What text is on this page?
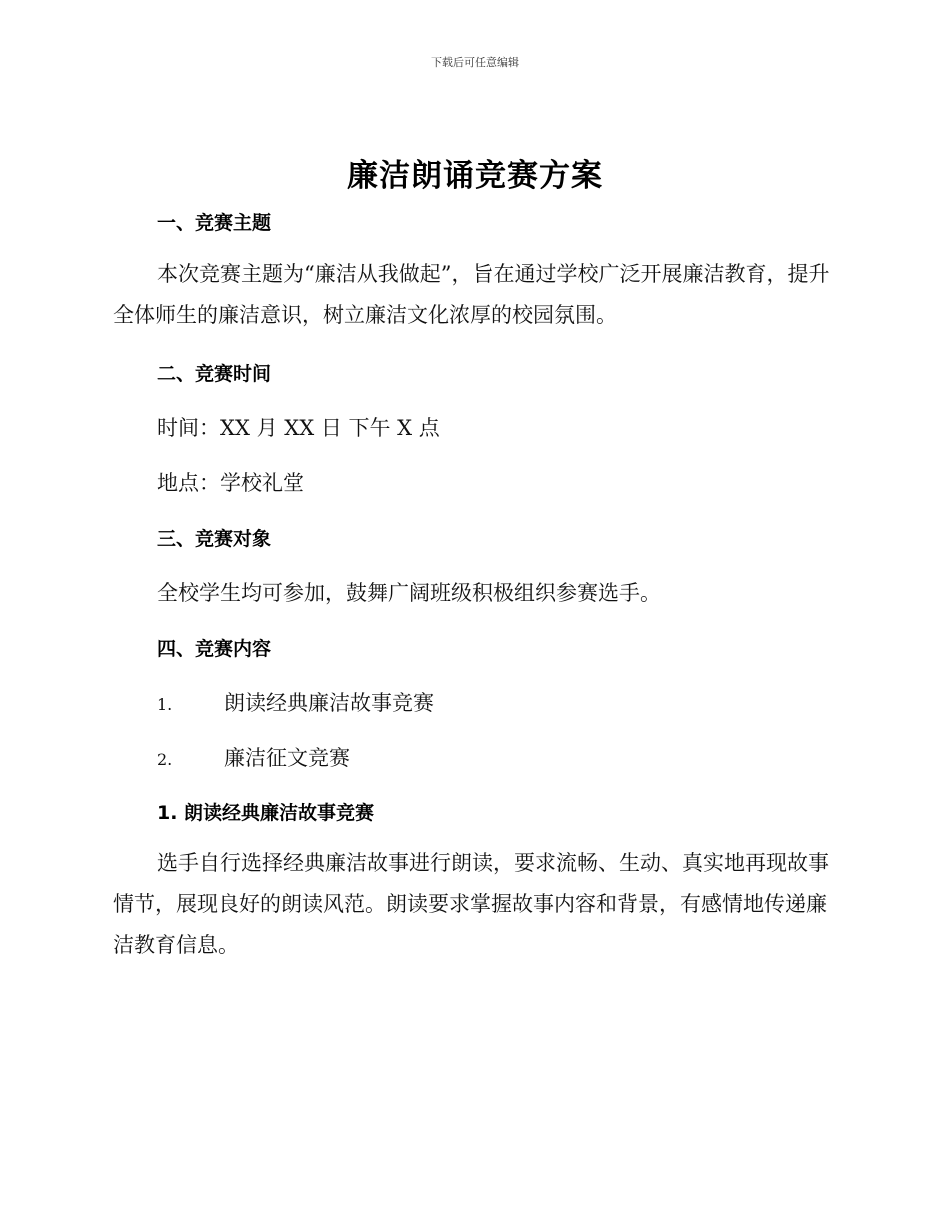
下载后可任意编辑
廉洁朗诵竞赛方案
一、竞赛主题
本次竞赛主题为“廉洁从我做起”，旨在通过学校广泛开展廉洁教育，提升全体师生的廉洁意识，树立廉洁文化浓厚的校园氛围。
二、竞赛时间
时间：XX 月 XX 日 下午 X 点
地点：学校礼堂
三、竞赛对象
全校学生均可参加，鼓舞广阔班级积极组织参赛选手。
四、竞赛内容
1. 朗读经典廉洁故事竞赛
2. 廉洁征文竞赛
1. 朗读经典廉洁故事竞赛
选手自行选择经典廉洁故事进行朗读，要求流畅、生动、真实地再现故事情节，展现良好的朗读风范。朗读要求掌握故事内容和背景，有感情地传递廉洁教育信息。
